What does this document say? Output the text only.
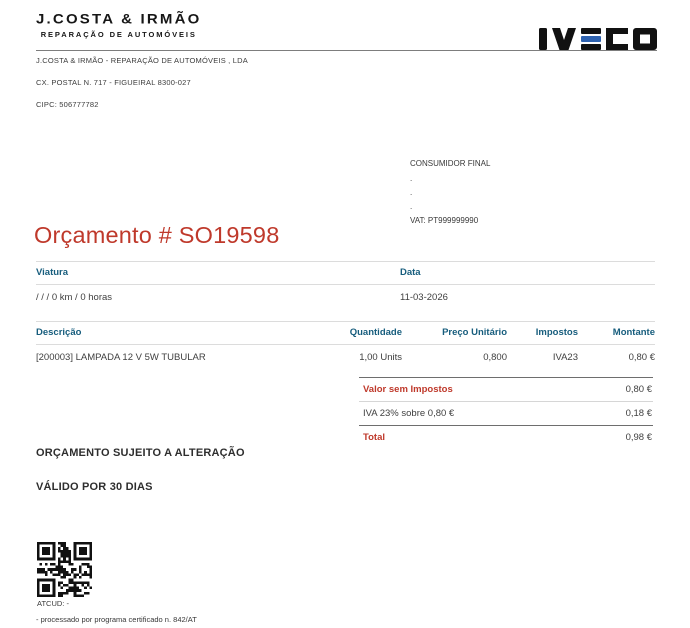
J.COSTA & IRMÃO
REPARAÇÃO DE AUTOMÓVEIS
J.COSTA & IRMÃO - REPARAÇÃO DE AUTOMÓVEIS , LDA
CX. POSTAL N. 717 - FIGUEIRAL 8300-027
CIPC: 506777782
CONSUMIDOR FINAL
.
.
.
VAT: PT999999990
Orçamento # SO19598
Viatura	Data
/ / / 0 km / 0 horas	11-03-2026
Descrição	Quantidade	Preço Unitário	Impostos	Montante
[200003] LAMPADA 12 V 5W TUBULAR	1,00 Units	0,800	IVA23	0,80 €
Valor sem Impostos	0,80 €
IVA 23% sobre 0,80 €	0,18 €
Total	0,98 €
ORÇAMENTO SUJEITO A ALTERAÇÃO
VÁLIDO POR 30 DIAS
ATCUD: -
- processado por programa certificado n. 842/AT
